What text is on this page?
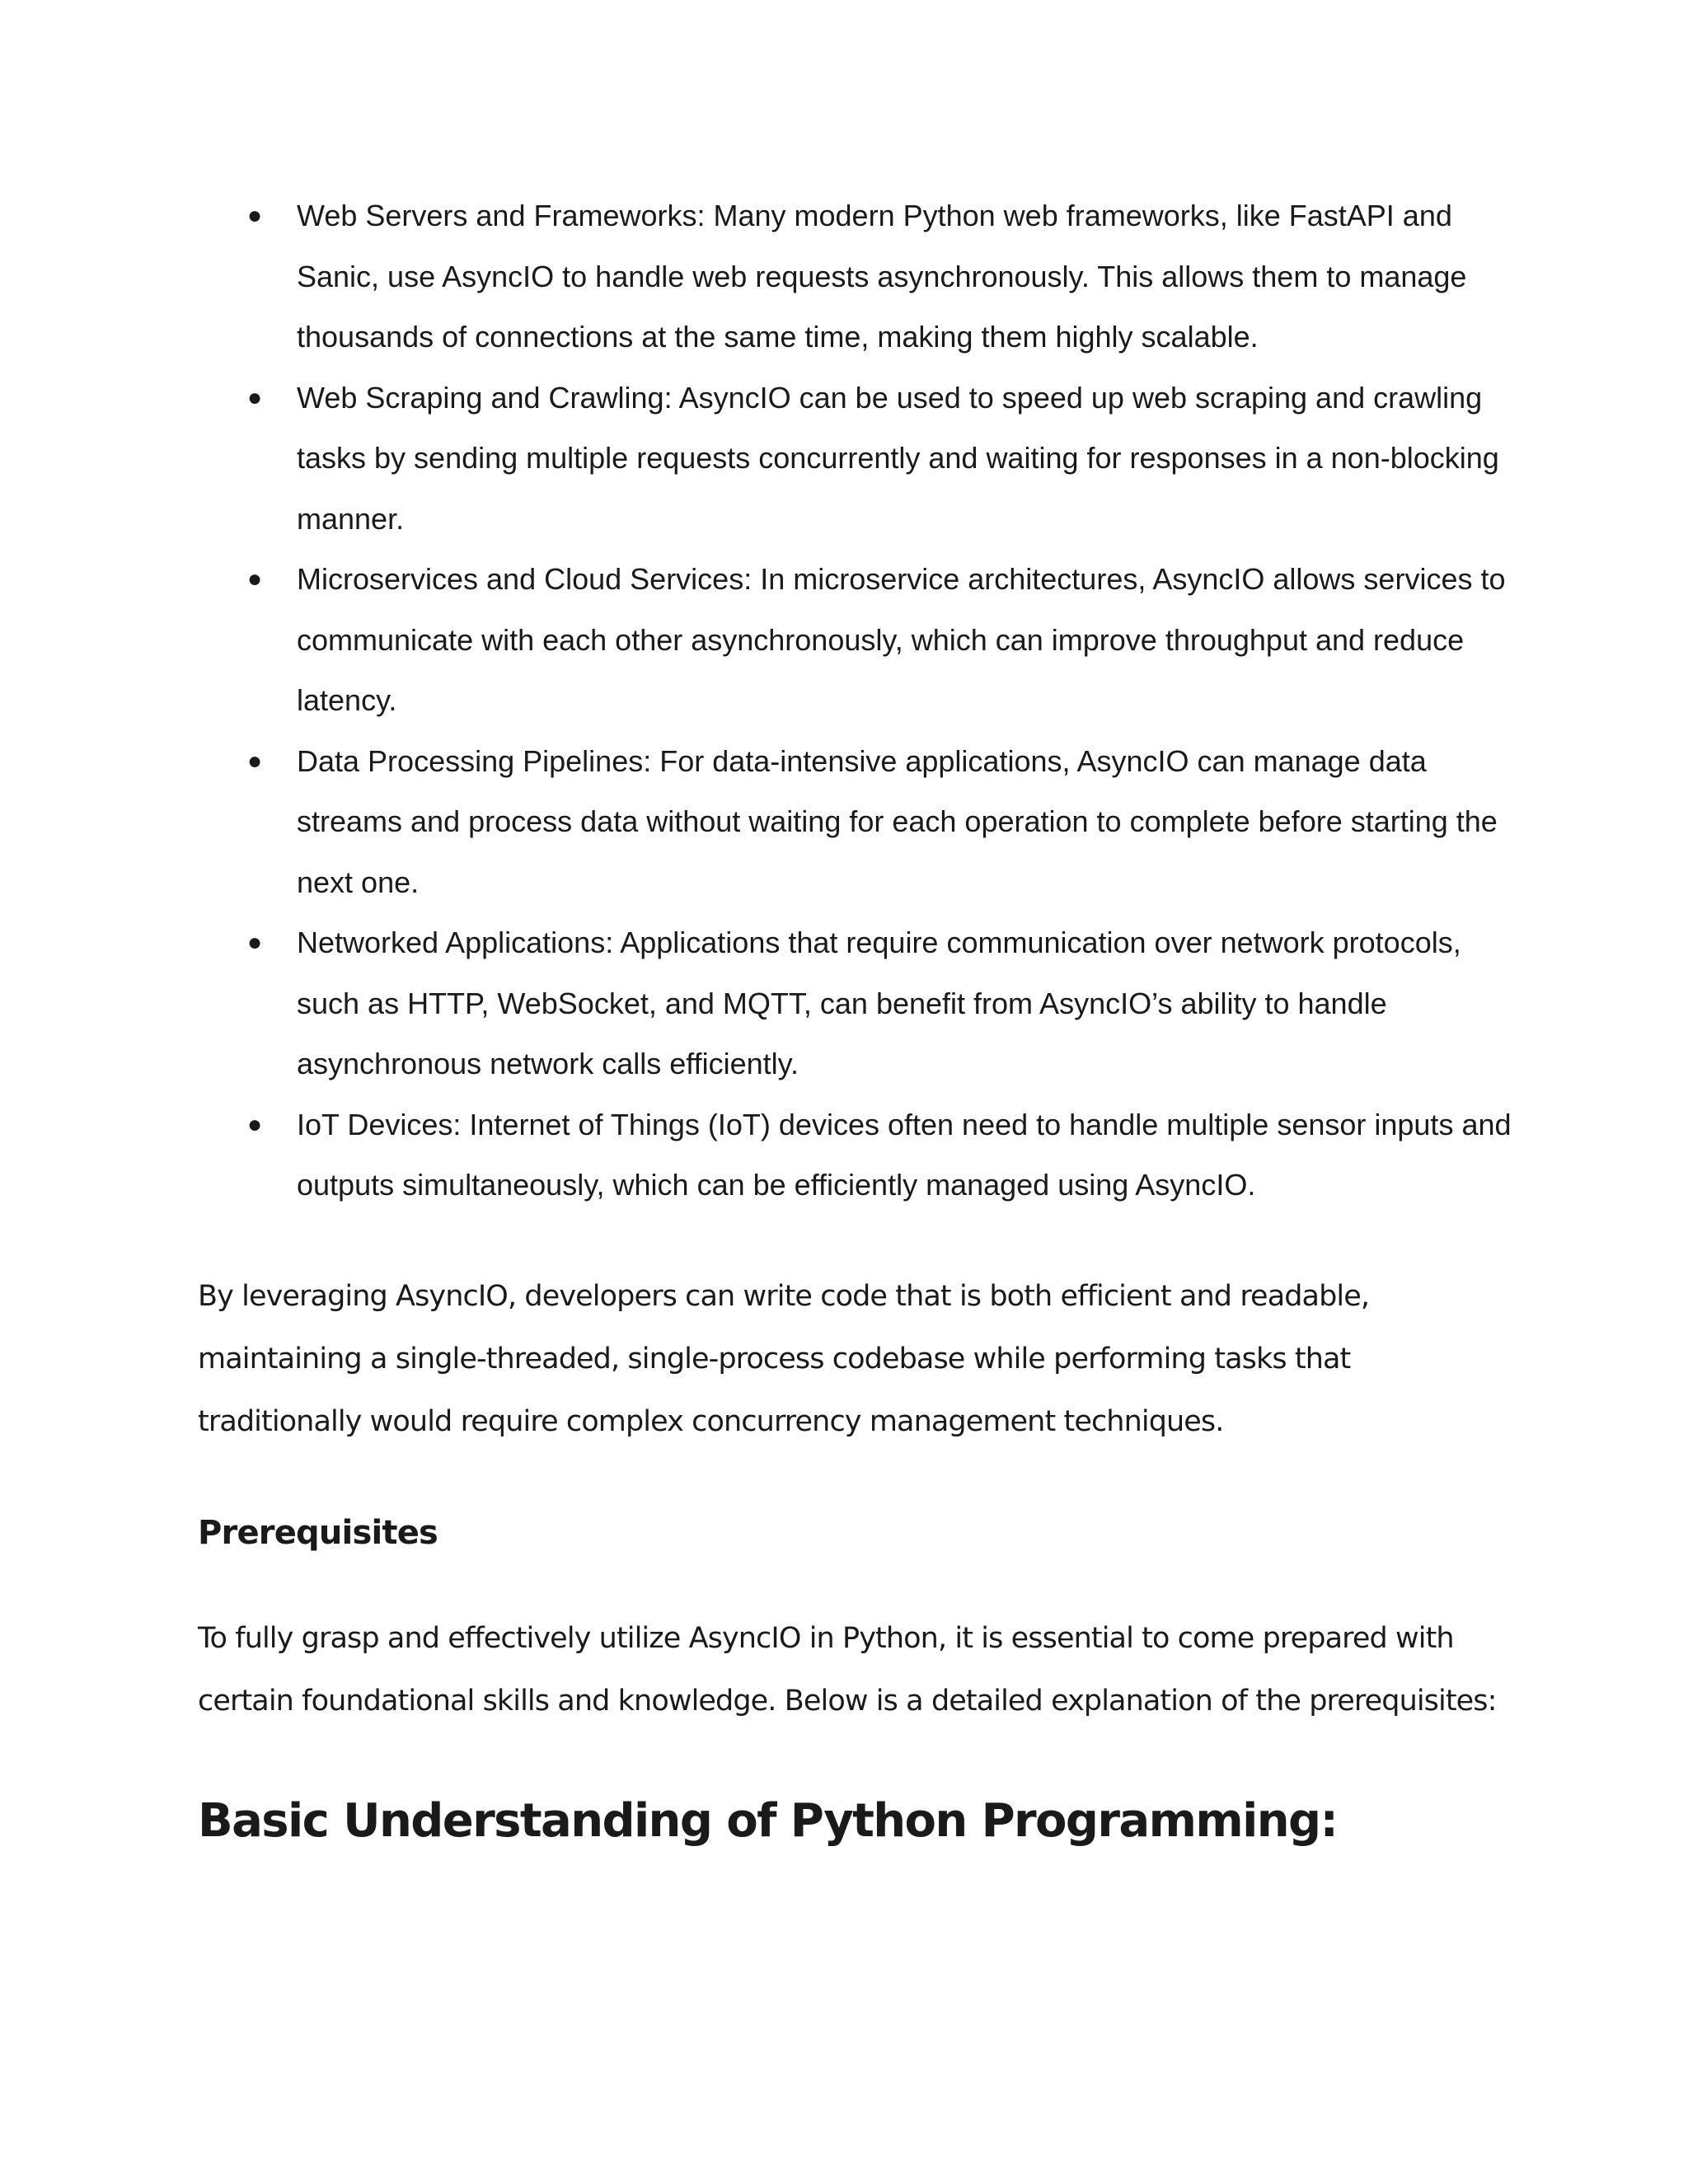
● Web Servers and Frameworks: Many modern Python web frameworks, like FastAPI and Sanic, use AsyncIO to handle web requests asynchronously. This allows them to manage thousands of connections at the same time, making them highly scalable.
● Web Scraping and Crawling: AsyncIO can be used to speed up web scraping and crawling tasks by sending multiple requests concurrently and waiting for responses in a non-blocking manner.
● Microservices and Cloud Services: In microservice architectures, AsyncIO allows services to communicate with each other asynchronously, which can improve throughput and reduce latency.
● Data Processing Pipelines: For data-intensive applications, AsyncIO can manage data streams and process data without waiting for each operation to complete before starting the next one.
● Networked Applications: Applications that require communication over network protocols, such as HTTP, WebSocket, and MQTT, can benefit from AsyncIO’s ability to handle asynchronous network calls efficiently.
● IoT Devices: Internet of Things (IoT) devices often need to handle multiple sensor inputs and outputs simultaneously, which can be efficiently managed using AsyncIO.

By leveraging AsyncIO, developers can write code that is both efficient and readable, maintaining a single-threaded, single-process codebase while performing tasks that traditionally would require complex concurrency management techniques.

Prerequisites

To fully grasp and effectively utilize AsyncIO in Python, it is essential to come prepared with certain foundational skills and knowledge. Below is a detailed explanation of the prerequisites:

Basic Understanding of Python Programming:
